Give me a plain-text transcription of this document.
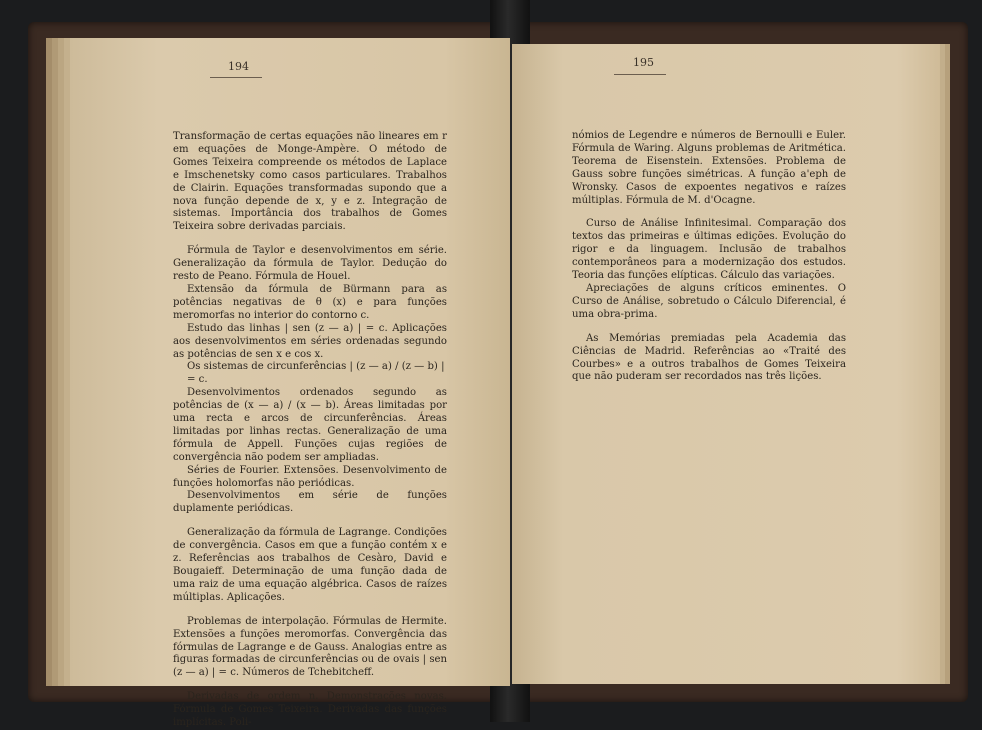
194	195

Transformação de certas equações não lineares em r em equações de Monge-Ampère. O método de Gomes Teixeira compreende os métodos de Laplace e Imschenetsky como casos particulares. Trabalhos de Clairin. Equações transformadas supondo que a nova função depende de x, y e z. Integração de sistemas. Importância dos trabalhos de Gomes Teixeira sobre derivadas parciais.

Fórmula de Taylor e desenvolvimentos em série. Generalização da fórmula de Taylor. Dedução do resto de Peano. Fórmula de Houel.

Extensão da fórmula de Bürmann para as potências negativas de θ (x) e para funções meromorfas no interior do contorno c.

Estudo das linhas | sen (z — a) | = c. Aplicações aos desenvolvimentos em séries ordenadas segundo as potências de sen x e cos x.

Os sistemas de circunferências | (z — a) / (z — b) | = c.

Desenvolvimentos ordenados segundo as potências de (x — a) / (x — b). Áreas limitadas por uma recta e arcos de circunferências. Áreas limitadas por linhas rectas. Generalização de uma fórmula de Appell. Funções cujas regiões de convergência não podem ser ampliadas.

Séries de Fourier. Extensões. Desenvolvimento de funções holomorfas não periódicas.

Desenvolvimentos em série de funções duplamente periódicas.

Generalização da fórmula de Lagrange. Condições de convergência. Casos em que a função contém x e z. Referências aos trabalhos de Cesàro, David e Bougaieff. Determinação de uma função dada de uma raiz de uma equação algébrica. Casos de raízes múltiplas. Aplicações.

Problemas de interpolação. Fórmulas de Hermite. Extensões a funções meromorfas. Convergência das fórmulas de Lagrange e de Gauss. Analogias entre as figuras formadas de circunferências ou de ovais | sen (z — a) | = c. Números de Tchebitcheff.

Derivadas de ordem n. Demonstrações novas. Fórmula de Gomes Teixeira. Derivadas das funções implícitas. Poli-

nómios de Legendre e números de Bernoulli e Euler. Fórmula de Waring. Alguns problemas de Aritmética. Teorema de Eisenstein. Extensões. Problema de Gauss sobre funções simétricas. A função a'eph de Wronsky. Casos de expoentes negativos e raízes múltiplas. Fórmula de M. d'Ocagne.

Curso de Análise Infinitesimal. Comparação dos textos das primeiras e últimas edições. Evolução do rigor e da linguagem. Inclusão de trabalhos contemporâneos para a modernização dos estudos. Teoria das funções elípticas. Cálculo das variações.

Apreciações de alguns críticos eminentes. O Curso de Análise, sobretudo o Cálculo Diferencial, é uma obra-prima.

As Memórias premiadas pela Academia das Ciências de Madrid. Referências ao «Traité des Courbes» e a outros trabalhos de Gomes Teixeira que não puderam ser recordados nas três lições.
